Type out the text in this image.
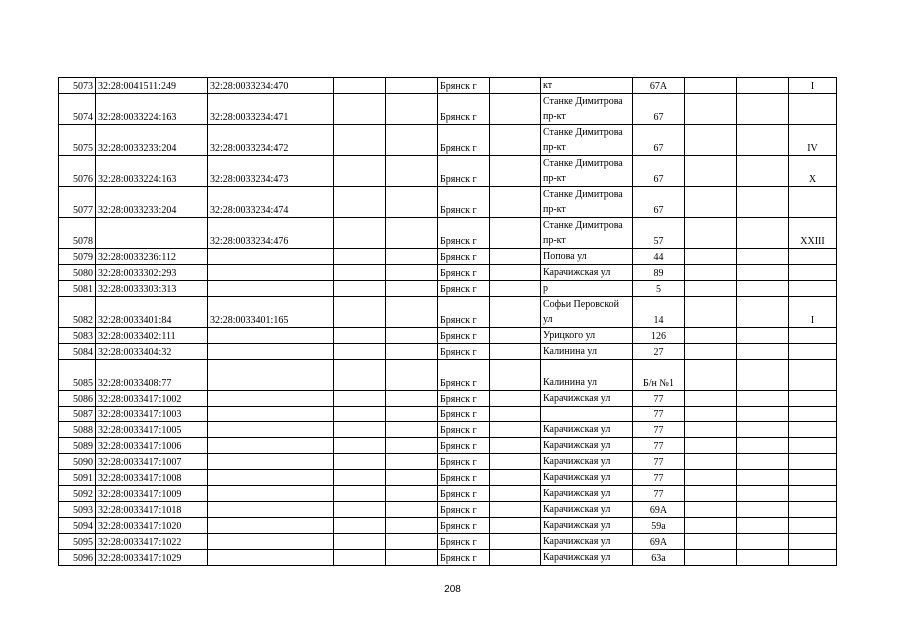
5073	32:28:0041511:249	32:28:0033234:470			Брянск г		кт	67А			I
5074	32:28:0033224:163	32:28:0033234:471			Брянск г		Станке Димитрова пр-кт	67			
5075	32:28:0033233:204	32:28:0033234:472			Брянск г		Станке Димитрова пр-кт	67			IV
5076	32:28:0033224:163	32:28:0033234:473			Брянск г		Станке Димитрова пр-кт	67			X
5077	32:28:0033233:204	32:28:0033234:474			Брянск г		Станке Димитрова пр-кт	67			
5078		32:28:0033234:476			Брянск г		Станке Димитрова пр-кт	57			XXIII
5079	32:28:0033236:112				Брянск г		Попова ул	44			
5080	32:28:0033302:293				Брянск г		Карачижская ул	89			
5081	32:28:0033303:313				Брянск г		р	5			
5082	32:28:0033401:84	32:28:0033401:165			Брянск г		Софьи Перовской ул	14			I
5083	32:28:0033402:111				Брянск г		Урицкого ул	126			
5084	32:28:0033404:32				Брянск г		Калинина ул	27			
5085	32:28:0033408:77				Брянск г		Калинина ул	Б/н №1			
5086	32:28:0033417:1002				Брянск г		Карачижская ул	77			
5087	32:28:0033417:1003				Брянск г			77			
5088	32:28:0033417:1005				Брянск г		Карачижская ул	77			
5089	32:28:0033417:1006				Брянск г		Карачижская ул	77			
5090	32:28:0033417:1007				Брянск г		Карачижская ул	77			
5091	32:28:0033417:1008				Брянск г		Карачижская ул	77			
5092	32:28:0033417:1009				Брянск г		Карачижская ул	77			
5093	32:28:0033417:1018				Брянск г		Карачижская ул	69А			
5094	32:28:0033417:1020				Брянск г		Карачижская ул	59а			
5095	32:28:0033417:1022				Брянск г		Карачижская ул	69А			
5096	32:28:0033417:1029				Брянск г		Карачижская ул	63а			
208
